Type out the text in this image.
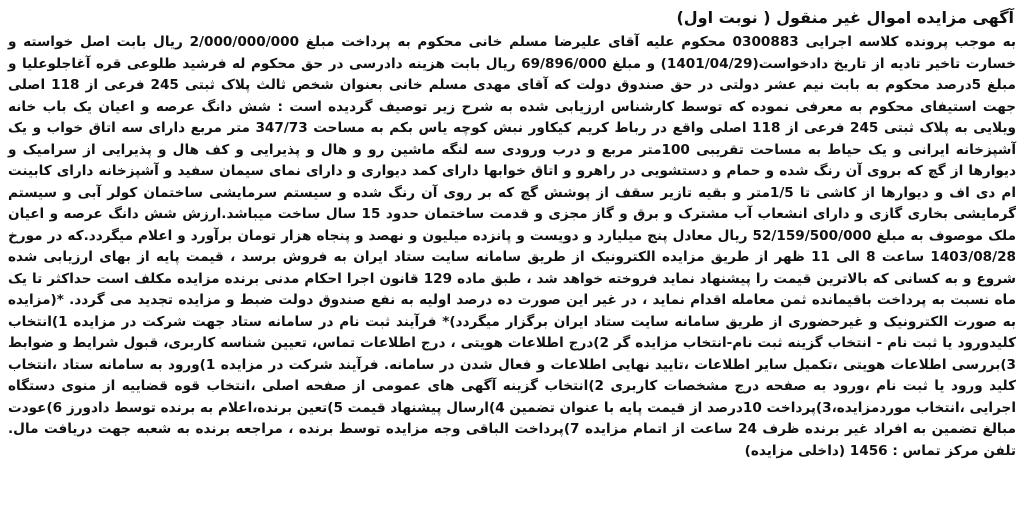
آگهی مزایده اموال غیر منقول ( نوبت اول)

به موجب پرونده کلاسه اجرایی 0300883 محکوم علیه آقای علیرضا مسلم خانی محکوم به پرداخت مبلغ 2/000/000/000 ریال بابت اصل خواسته و خسارت تاخیر تادیه از تاریخ دادخواست(1401/04/29) و مبلغ 69/896/000 ریال بابت هزینه دادرسی در حق محکوم له فرشید طلوعی قره آغاجلوعلیا و مبلغ 5درصد محکوم به بابت نیم عشر دولتی در حق صندوق دولت که آقای مهدی مسلم خانی بعنوان شخص ثالث پلاک ثبتی 245 فرعی از 118 اصلی جهت استیفای محکوم به معرفی نموده که توسط کارشناس ارزیابی شده به شرح زیر توصیف گردیده است : شش دانگ عرصه و اعیان یک باب خانه ویلایی به پلاک ثبتی 245 فرعی از 118 اصلی واقع در رباط کریم کیکاور نبش کوچه یاس بکم به مساحت 347/73 متر مربع دارای سه اتاق خواب و یک آشپزخانه ایرانی و یک حیاط به مساحت تقریبی 100متر مربع و درب ورودی سه لنگه ماشین رو و هال و پذیرایی و کف هال و پذیرایی از سرامیک و دیوارها از گچ که بروی آن رنگ شده و حمام و دستشویی در راهرو و اتاق خوابها دارای کمد دیواری و دارای نمای سیمان سفید و آشپزخانه دارای کابینت ام دی اف و دیوارها از کاشی تا 1/5متر و بقیه تازیر سقف از پوشش گچ که بر روی آن رنگ شده و سیستم سرمایشی ساختمان کولر آبی و سیستم گرمایشی بخاری گازی و دارای انشعاب آب مشترک و برق و گاز مجزی و قدمت ساختمان حدود 15 سال ساخت میباشد.ارزش شش دانگ عرصه و اعیان ملک موصوف به مبلغ 52/159/500/000 ریال معادل پنج میلیارد و دویست و پانزده میلیون و نهصد و پنجاه هزار تومان برآورد و اعلام میگردد.که در مورخ 1403/08/28 ساعت 8 الی 11 ظهر از طریق مزایده الکترونیک از طریق سامانه سایت ستاد ایران به فروش برسد ، قیمت پایه از بهای ارزیابی شده شروع و به کسانی که بالاترین قیمت را پیشنهاد نماید فروخته خواهد شد ، طبق ماده 129 قانون اجرا احکام مدنی برنده مزایده مکلف است حداکثر تا یک ماه نسبت به پرداخت باقیمانده ثمن معامله اقدام نماید ، در غیر این صورت ده درصد اولیه به نفع صندوق دولت ضبط و مزایده تجدید می گردد. *(مزایده به صورت الکترونیک و غیرحضوری از طریق سامانه سایت ستاد ایران برگزار میگردد)* فرآیند ثبت نام در سامانه ستاد جهت شرکت در مزایده 1)انتخاب کلیدورود یا ثبت نام - انتخاب گزینه ثبت نام-انتخاب مزایده گر 2)درج اطلاعات هویتی ، درج اطلاعات تماس، تعیین شناسه کاربری، قبول شرایط و ضوابط 3)بررسی اطلاعات هویتی ،تکمیل سایر اطلاعات ،تایید نهایی اطلاعات و فعال شدن در سامانه. فرآیند شرکت در مزایده 1)ورود به سامانه ستاد ،انتخاب کلید ورود یا ثبت نام ،ورود به صفحه درج مشخصات کاربری 2)انتخاب گزینه آگهی های عمومی از صفحه اصلی ،انتخاب قوه قضاییه از منوی دستگاه اجرایی ،انتخاب موردمزایده،3)پرداخت 10درصد از قیمت پایه با عنوان تضمین 4)ارسال پیشنهاد قیمت 5)تعین برنده،اعلام به برنده توسط دادورز 6)عودت مبالغ تضمین به افراد غیر برنده ظرف 24 ساعت از اتمام مزایده 7)پرداخت الباقی وجه مزایده توسط برنده ، مراجعه برنده به شعبه جهت دریافت مال. تلفن مرکز تماس : 1456 (داخلی مزایده)
